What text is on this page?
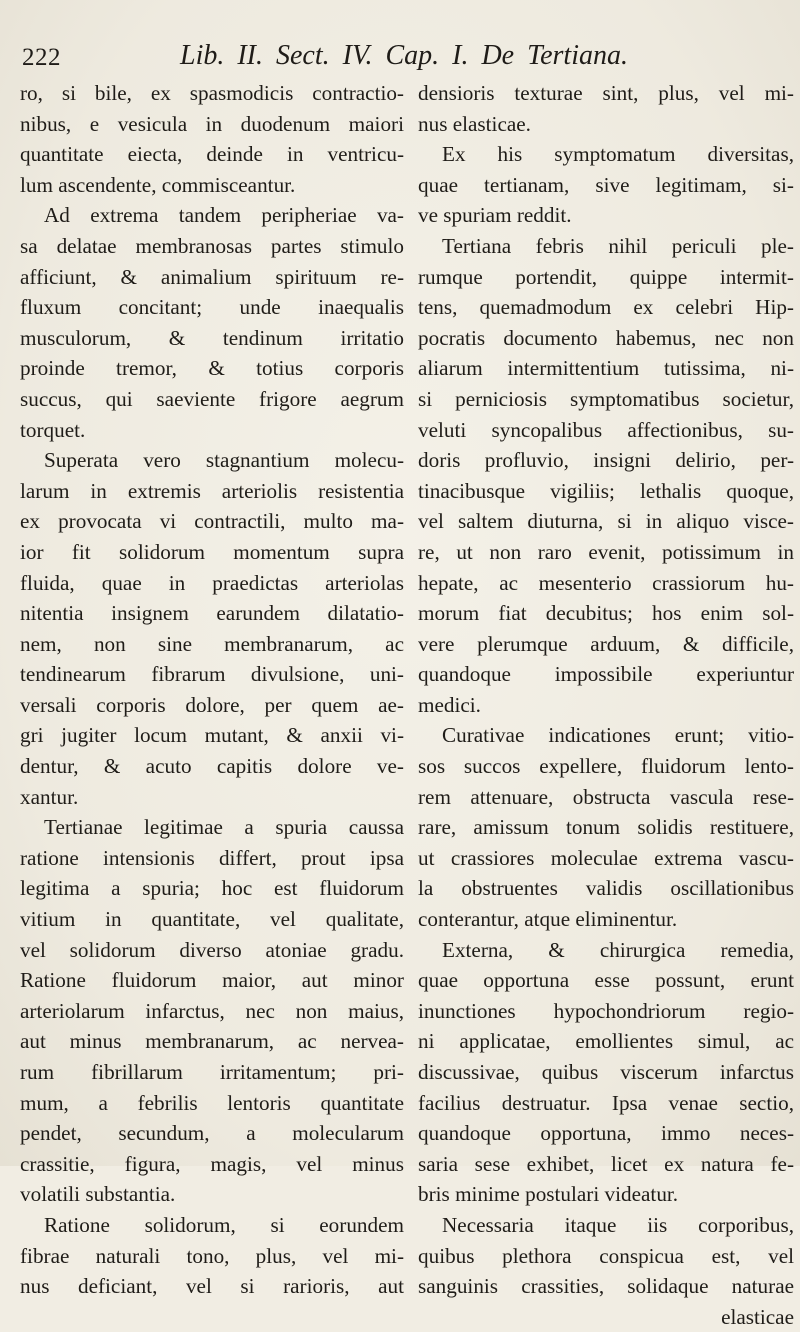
222	Lib. II. Sect. IV. Cap. I. De Tertiana.
ro, si bile, ex spasmodicis contractio-
nibus, e vesicula in duodenum maiori
quantitate eiecta, deinde in ventricu-
lum ascendente, commisceantur.
Ad extrema tandem peripheriae va-
sa delatae membranosas partes stimulo
afficiunt, & animalium spirituum re-
fluxum concitant; unde inaequalis
musculorum, & tendinum irritatio
proinde tremor, & totius corporis
succus, qui saeviente frigore aegrum
torquet.
Superata vero stagnantium molecu-
larum in extremis arteriolis resistentia
ex provocata vi contractili, multo ma-
ior fit solidorum momentum supra
fluida, quae in praedictas arteriolas
nitentia insignem earundem dilatatio-
nem, non sine membranarum, ac
tendinearum fibrarum divulsione, uni-
versali corporis dolore, per quem ae-
gri jugiter locum mutant, & anxii vi-
dentur, & acuto capitis dolore ve-
xantur.
Tertianae legitimae a spuria caussa
ratione intensionis differt, prout ipsa
legitima a spuria; hoc est fluidorum
vitium in quantitate, vel qualitate,
vel solidorum diverso atoniae gradu.
Ratione fluidorum maior, aut minor
arteriolarum infarctus, nec non maius,
aut minus membranarum, ac nervea-
rum fibrillarum irritamentum; pri-
mum, a febrilis lentoris quantitate
pendet, secundum, a molecularum
crassitie, figura, magis, vel minus
volatili substantia.
Ratione solidorum, si eorundem
fibrae naturali tono, plus, vel mi-
nus deficiant, vel si rarioris, aut
densioris texturae sint, plus, vel mi-
nus elasticae.
Ex his symptomatum diversitas,
quae tertianam, sive legitimam, si-
ve spuriam reddit.
Tertiana febris nihil periculi ple-
rumque portendit, quippe intermit-
tens, quemadmodum ex celebri Hip-
pocratis documento habemus, nec non
aliarum intermittentium tutissima, ni-
si perniciosis symptomatibus societur,
veluti syncopalibus affectionibus, su-
doris profluvio, insigni delirio, per-
tinacibusque vigiliis; lethalis quoque,
vel saltem diuturna, si in aliquo visce-
re, ut non raro evenit, potissimum in
hepate, ac mesenterio crassiorum hu-
morum fiat decubitus; hos enim sol-
vere plerumque arduum, & difficile,
quandoque impossibile experiuntur
medici.
Curativae indicationes erunt; vitio-
sos succos expellere, fluidorum lento-
rem attenuare, obstructa vascula rese-
rare, amissum tonum solidis restituere,
ut crassiores moleculae extrema vascu-
la obstruentes validis oscillationibus
conterantur, atque eliminentur.
Externa, & chirurgica remedia,
quae opportuna esse possunt, erunt
inunctiones hypochondriorum regio-
ni applicatae, emollientes simul, ac
discussivae, quibus viscerum infarctus
facilius destruatur. Ipsa venae sectio,
quandoque opportuna, immo neces-
saria sese exhibet, licet ex natura fe-
bris minime postulari videatur.
Necessaria itaque iis corporibus,
quibus plethora conspicua est, vel
sanguinis crassities, solidaque naturae
elasticae
